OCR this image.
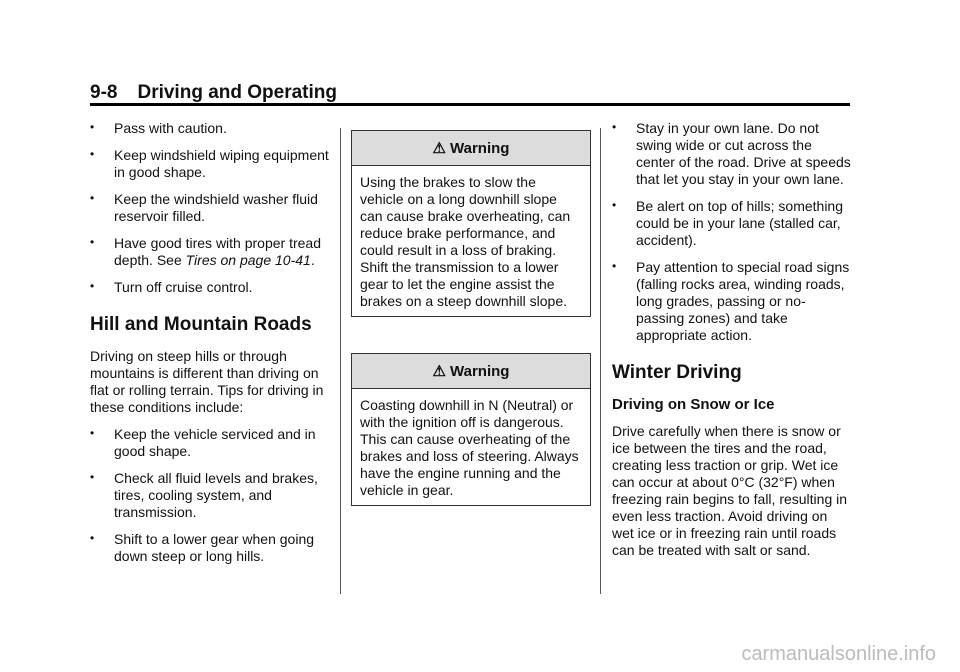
9-8 Driving and Operating
• Pass with caution.
• Keep windshield wiping equipment in good shape.
• Keep the windshield washer fluid reservoir filled.
• Have good tires with proper tread depth. See Tires on page 10-41.
• Turn off cruise control.
Hill and Mountain Roads

Driving on steep hills or through mountains is different than driving on flat or rolling terrain. Tips for driving in these conditions include:

• Keep the vehicle serviced and in good shape.
• Check all fluid levels and brakes, tires, cooling system, and transmission.
• Shift to a lower gear when going down steep or long hills.
⚠ Warning
Using the brakes to slow the vehicle on a long downhill slope can cause brake overheating, can reduce brake performance, and could result in a loss of braking. Shift the transmission to a lower gear to let the engine assist the brakes on a steep downhill slope.
⚠ Warning
Coasting downhill in N (Neutral) or with the ignition off is dangerous. This can cause overheating of the brakes and loss of steering. Always have the engine running and the vehicle in gear.
• Stay in your own lane. Do not swing wide or cut across the center of the road. Drive at speeds that let you stay in your own lane.
• Be alert on top of hills; something could be in your lane (stalled car, accident).
• Pay attention to special road signs (falling rocks area, winding roads, long grades, passing or no-passing zones) and take appropriate action.
Winter Driving
Driving on Snow or Ice

Drive carefully when there is snow or ice between the tires and the road, creating less traction or grip. Wet ice can occur at about 0°C (32°F) when freezing rain begins to fall, resulting in even less traction. Avoid driving on wet ice or in freezing rain until roads can be treated with salt or sand.

carmanualsonline.info
